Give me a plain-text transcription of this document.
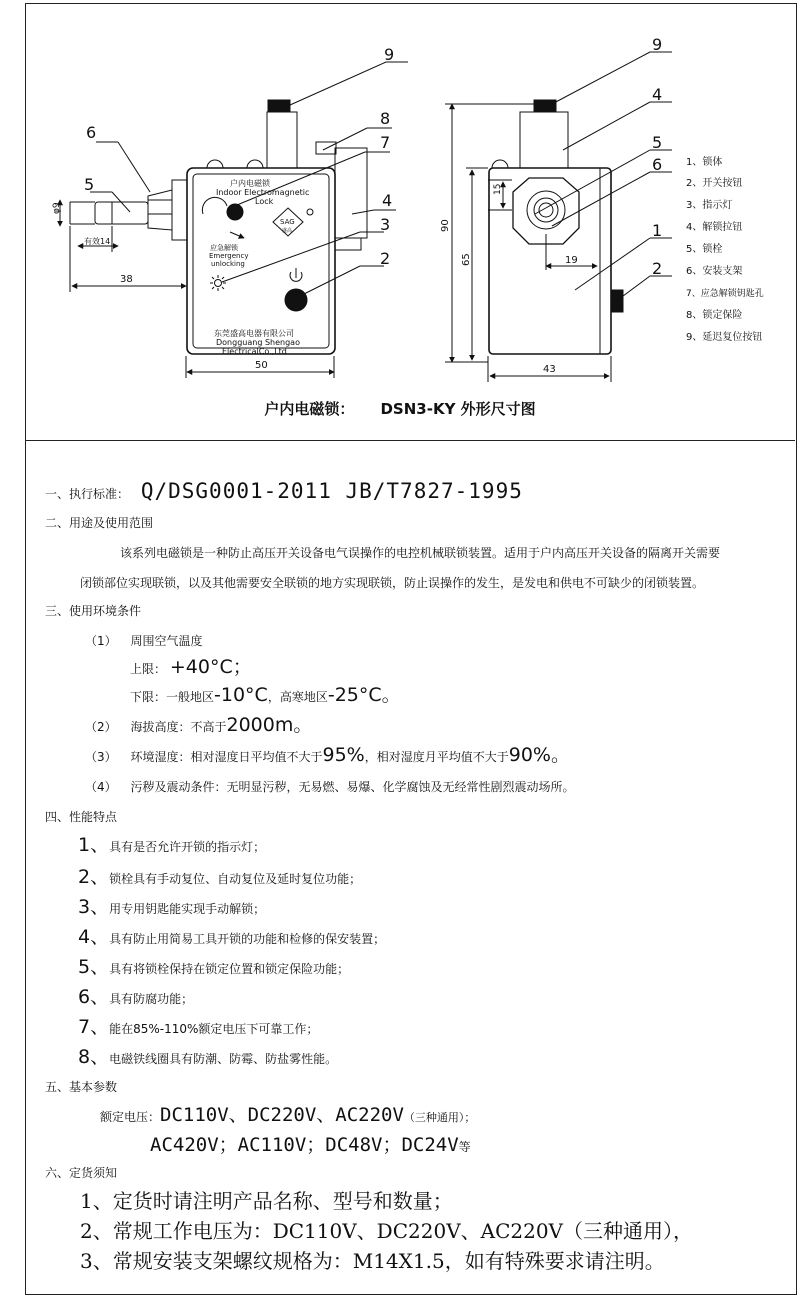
户内电磁锁
Indoor Electromagnetic
Lock
应急解锁
Emergency
unlocking
SAG
盛高
东莞盛高电器有限公司
Dongguang Shengao
ElectricalCo.,Ltd
φ9
有效14
38
50
90
65
15
19
43
9
6
5
8
7
4
3
2
9
4
5
6
1
2
1、锁体
2、开关按钮
3、指示灯
4、解锁拉钮
5、锁栓
6、安装支架
7、应急解锁钥匙孔
8、锁定保险
9、延迟复位按钮
户内电磁锁： DSN3-KY 外形尺寸图
一、执行标准： Q/DSG0001-2011 JB/T7827-1995
二、用途及使用范围
该系列电磁锁是一种防止高压开关设备电气误操作的电控机械联锁装置。适用于户内高压开关设备的隔离开关需要
闭锁部位实现联锁，以及其他需要安全联锁的地方实现联锁，防止误操作的发生，是发电和供电不可缺少的闭锁装置。
三、使用环境条件
（1） 周围空气温度
上限： +40°C；
下限：一般地区-10°C，高寒地区-25°C。
（2） 海拔高度：不高于2000m。
（3） 环境湿度：相对湿度日平均值不大于95%，相对湿度月平均值不大于90%。
（4） 污秽及震动条件：无明显污秽，无易燃、易爆、化学腐蚀及无经常性剧烈震动场所。
四、性能特点
1、具有是否允许开锁的指示灯；
2、锁栓具有手动复位、自动复位及延时复位功能；
3、用专用钥匙能实现手动解锁；
4、具有防止用简易工具开锁的功能和检修的保安装置；
5、具有将锁栓保持在锁定位置和锁定保险功能；
6、具有防腐功能；
7、能在85%-110%额定电压下可靠工作；
8、电磁铁线圈具有防潮、防霉、防盐雾性能。
五、基本参数
额定电压：DC110V、DC220V、AC220V（三种通用）；
AC420V；AC110V；DC48V；DC24V等
六、定货须知
1、定货时请注明产品名称、型号和数量；
2、常规工作电压为：DC110V、DC220V、AC220V（三种通用），
3、常规安装支架螺纹规格为：M14X1.5，如有特殊要求请注明。
